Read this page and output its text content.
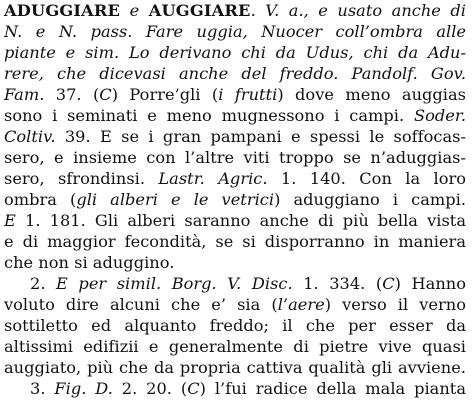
ADUGGIARE e AUGGIARE. V. a., e usato anche di
N. e N. pass. Fare uggia, Nuocer coll’ombra alle
piante e sim. Lo derivano chi da Udus, chi da Adu-
rere, che dicevasi anche del freddo. Pandolf. Gov.
Fam. 37. (C) Porre’gli (i frutti) dove meno auggias
sono i seminati e meno mugnessono i campi. Soder.
Coltiv. 39. E se i gran pampani e spessi le soffocas-
sero, e insieme con l’altre viti troppo se n’aduggias-
sero, sfrondinsi. Lastr. Agric. 1. 140. Con la loro
ombra (gli alberi e le vetrici) aduggiano i campi.
E 1. 181. Gli alberi saranno anche di più bella vista
e di maggior fecondità, se si disporranno in maniera
che non si aduggino.
2. E per simil. Borg. V. Disc. 1. 334. (C) Hanno
voluto dire alcuni che e’ sia (l’aere) verso il verno
sottiletto ed alquanto freddo; il che per esser da
altissimi edifizii e generalmente di pietre vive quasi
auggiato, più che da propria cattiva qualità gli avviene.
3. Fig. D. 2. 20. (C) l’fui radice della mala pianta
